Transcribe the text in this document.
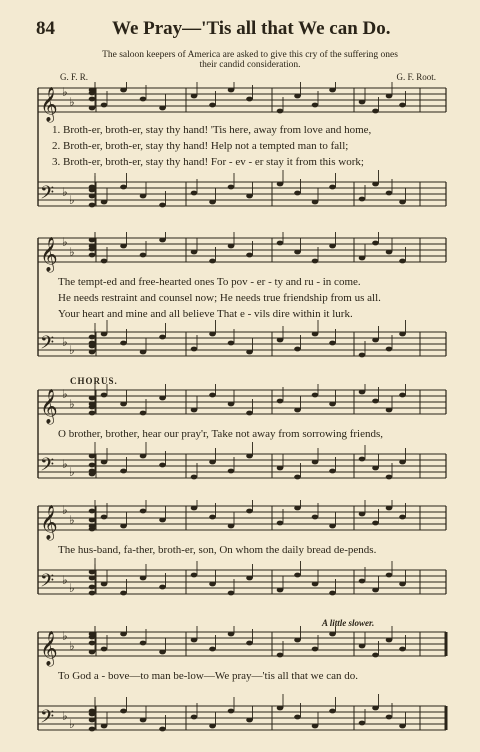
84	We Pray—'Tis all that We can Do.
The saloon keepers of America are asked to give this cry of the suffering ones
their candid consideration.
G. F. R.	G. F. Root.
𝄞 ♭
♭
𝄢 ♭
♭
1. Broth-er, broth-er, stay thy hand! 'Tis here, away from love and home,
2. Broth-er, broth-er, stay thy hand! Help not a tempted man to fall;
3. Broth-er, broth-er, stay thy hand! For - ev - er stay it from this work;
𝄞 ♭
♭
𝄢 ♭
♭
The tempt-ed and free-hearted ones To pov - er - ty and ru - in come.
He needs restraint and counsel now; He needs true friendship from us all.
Your heart and mine and all believe That e - vils dire within it lurk.
CHORUS.
𝄞 ♭
♭
𝄢 ♭
♭
O brother, brother, hear our pray'r, Take not away from sorrowing friends,
𝄞 ♭
♭
𝄢 ♭
♭
The hus-band, fa-ther, broth-er, son, On whom the daily bread de-pends.
A little slower.
𝄞 ♭
♭
𝄢 ♭
♭
To God a - bove—to man be-low—We pray—'tis all that we can do.
